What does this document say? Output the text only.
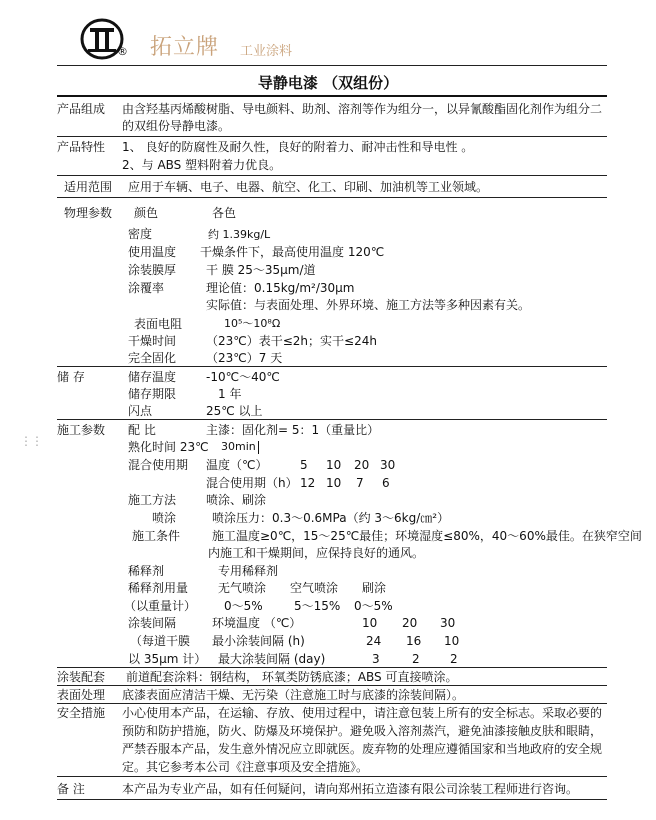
® 拓立牌 工业涂料
导静电漆 （双组份）
⋮⋮
产品组成 由含羟基丙烯酸树脂、导电颜料、助剂、溶剂等作为组分一，以异氰酸酯固化剂作为组分二
的双组份导静电漆。
产品特性 1、 良好的防腐性及耐久性，良好的附着力、耐冲击性和导电性 。
2、与 ABS 塑料附着力优良。
适用范围 应用于车辆、电子、电器、航空、化工、印刷、加油机等工业领域。
物理参数 颜色	各色
密度	约 1.39kg/L
使用温度 干燥条件下，最高使用温度 120℃
涂装膜厚 干 膜 25～35μm/道
涂覆率	理论值：0.15kg/m²/30μm
实际值：与表面处理、外界环境、施工方法等多种因素有关。
表面电阻	10⁵～10⁸Ω
干燥时间 （23℃）表干≤2h；实干≤24h
完全固化 （23℃）7 天
储 存	储存温度 -10℃～40℃
储存期限	1 年
闪点	25℃ 以上
施工参数 配 比	主漆：固化剂= 5：1（重量比）
熟化时间 23℃ 30min
混合使用期 温度（℃）	5 10 20 30
混合使用期（h） 12 10 7 6
施工方法 喷涂、刷涂
喷涂	喷涂压力：0.3～0.6MPa（约 3～6kg/㎝²）
施工条件	施工温度≥0℃，15～25℃最佳；环境湿度≤80%，40～60%最佳。在狭窄空间
内施工和干燥期间，应保持良好的通风。
稀释剂	专用稀释剂
稀释剂用量 无气喷涂 空气喷涂 刷涂
（以重量计） 0～5%	5～15% 0～5%
涂装间隔	环境温度 （℃）	10 20 30
（每道干膜 最小涂装间隔 (h)	24 16 10
以 35μm 计） 最大涂装间隔 (day)	3	2	2
涂装配套 前道配套涂料：钢结构， 环氧类防锈底漆；ABS 可直接喷涂。
表面处理 底漆表面应清洁干燥、无污染（注意施工时与底漆的涂装间隔）。
安全措施 小心使用本产品，在运输、存放、使用过程中，请注意包装上所有的安全标志。采取必要的
预防和防护措施，防火、防爆及环境保护。避免吸入溶剂蒸汽，避免油漆接触皮肤和眼睛，
严禁吞服本产品，发生意外情况应立即就医。废弃物的处理应遵循国家和当地政府的安全规
定。其它参考本公司《注意事项及安全措施》。
备 注	本产品为专业产品，如有任何疑问，请向郑州拓立造漆有限公司涂装工程师进行咨询。
